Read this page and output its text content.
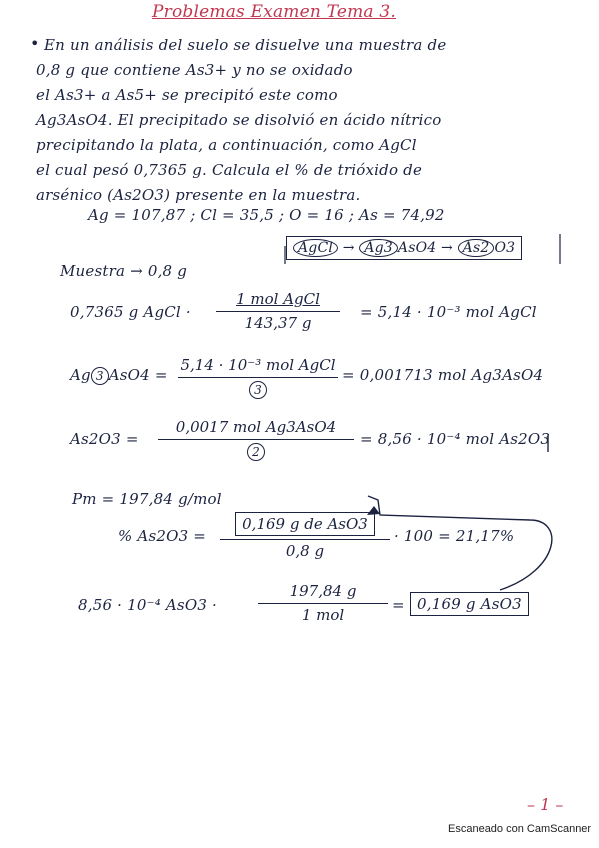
Problemas Examen Tema 3.
• En un análisis del suelo se disuelve una muestra de
0,8 g que contiene As3+ y no se oxidado
el As3+ a As5+ se precipitó este como
Ag3AsO4. El precipitado se disolvió en ácido nítrico
precipitando la plata, a continuación, como AgCl
el cual pesó 0,7365 g. Calcula el % de trióxido de
arsénico (As2O3) presente en la muestra.
Ag = 107,87 ; Cl = 35,5 ; O = 16 ; As = 74,92
AgCl → Ag3 AsO4 → As2 O3
Muestra → 0,8 g
0,7365 g AgCl ·
1 mol AgCl
143,37 g
= 5,14 · 10⁻³ mol AgCl
Ag 3 AsO4 =
5,14 · 10⁻³ mol AgCl
3
= 0,001713 mol Ag3AsO4
As2O3 =
0,0017 mol Ag3AsO4
2
= 8,56 · 10⁻⁴ mol As2O3
Pm = 197,84 g/mol
% As2O3 =
0,169 g de AsO3
0,8 g
· 100 = 21,17%
8,56 · 10⁻⁴ AsO3 ·
197,84 g
1 mol
= 0,169 g AsO3
– 1 –
Escaneado con CamScanner
